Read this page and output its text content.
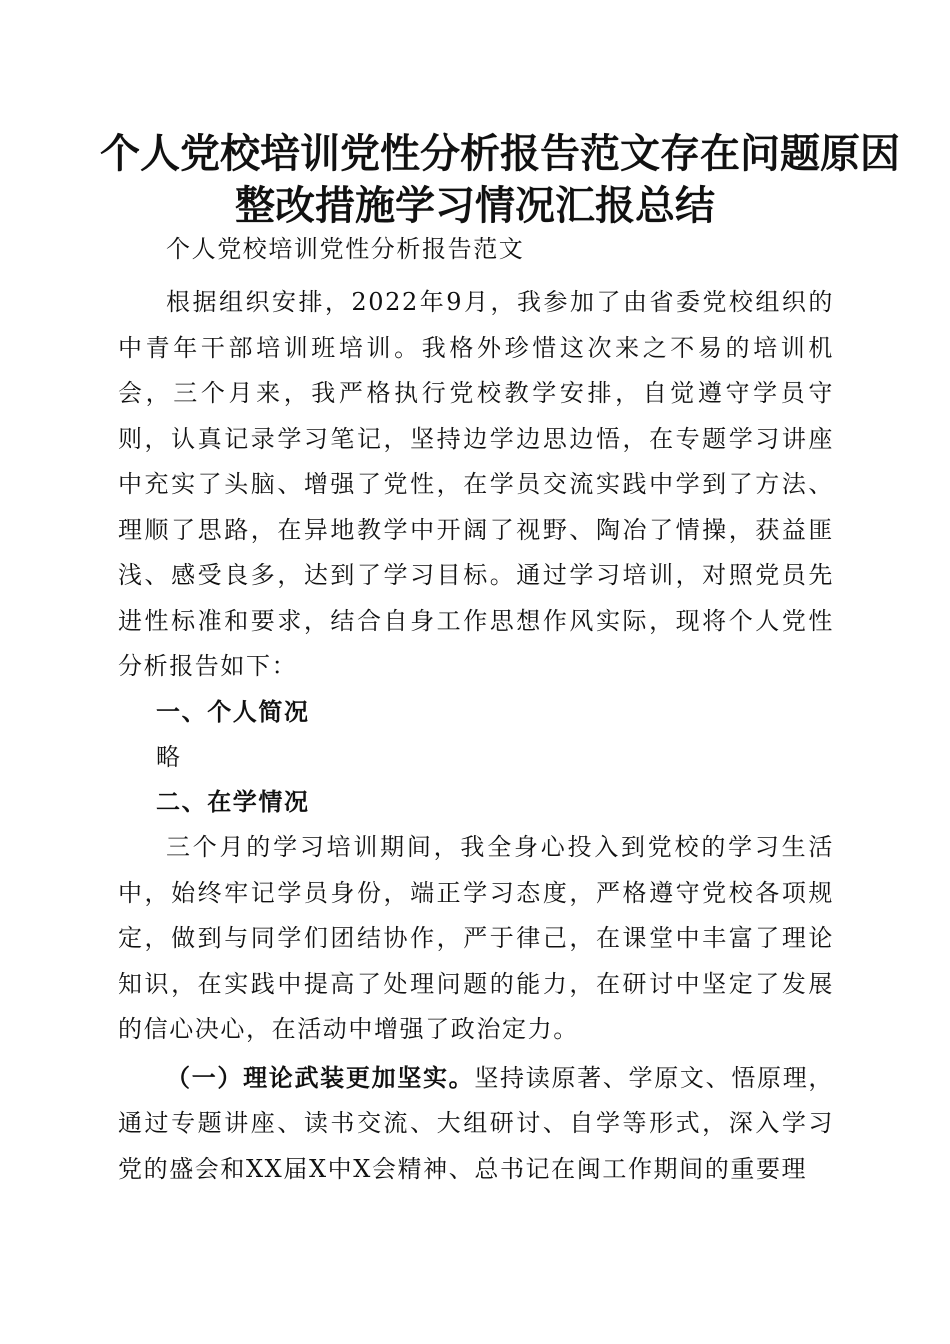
个人党校培训党性分析报告范文存在问题原因
整改措施学习情况汇报总结

个人党校培训党性分析报告范文

根据组织安排，2022年9月，我参加了由省委党校组织的中青年干部培训班培训。我格外珍惜这次来之不易的培训机会，三个月来，我严格执行党校教学安排，自觉遵守学员守则，认真记录学习笔记，坚持边学边思边悟，在专题学习讲座中充实了头脑、增强了党性，在学员交流实践中学到了方法、理顺了思路，在异地教学中开阔了视野、陶冶了情操，获益匪浅、感受良多，达到了学习目标。通过学习培训，对照党员先进性标准和要求，结合自身工作思想作风实际，现将个人党性分析报告如下：

一、个人简况

略

二、在学情况

三个月的学习培训期间，我全身心投入到党校的学习生活中，始终牢记学员身份，端正学习态度，严格遵守党校各项规定，做到与同学们团结协作，严于律己，在课堂中丰富了理论知识，在实践中提高了处理问题的能力，在研讨中坚定了发展的信心决心，在活动中增强了政治定力。

（一）理论武装更加坚实。坚持读原著、学原文、悟原理，通过专题讲座、读书交流、大组研讨、自学等形式，深入学习党的盛会和XX届X中X会精神、总书记在闽工作期间的重要理
